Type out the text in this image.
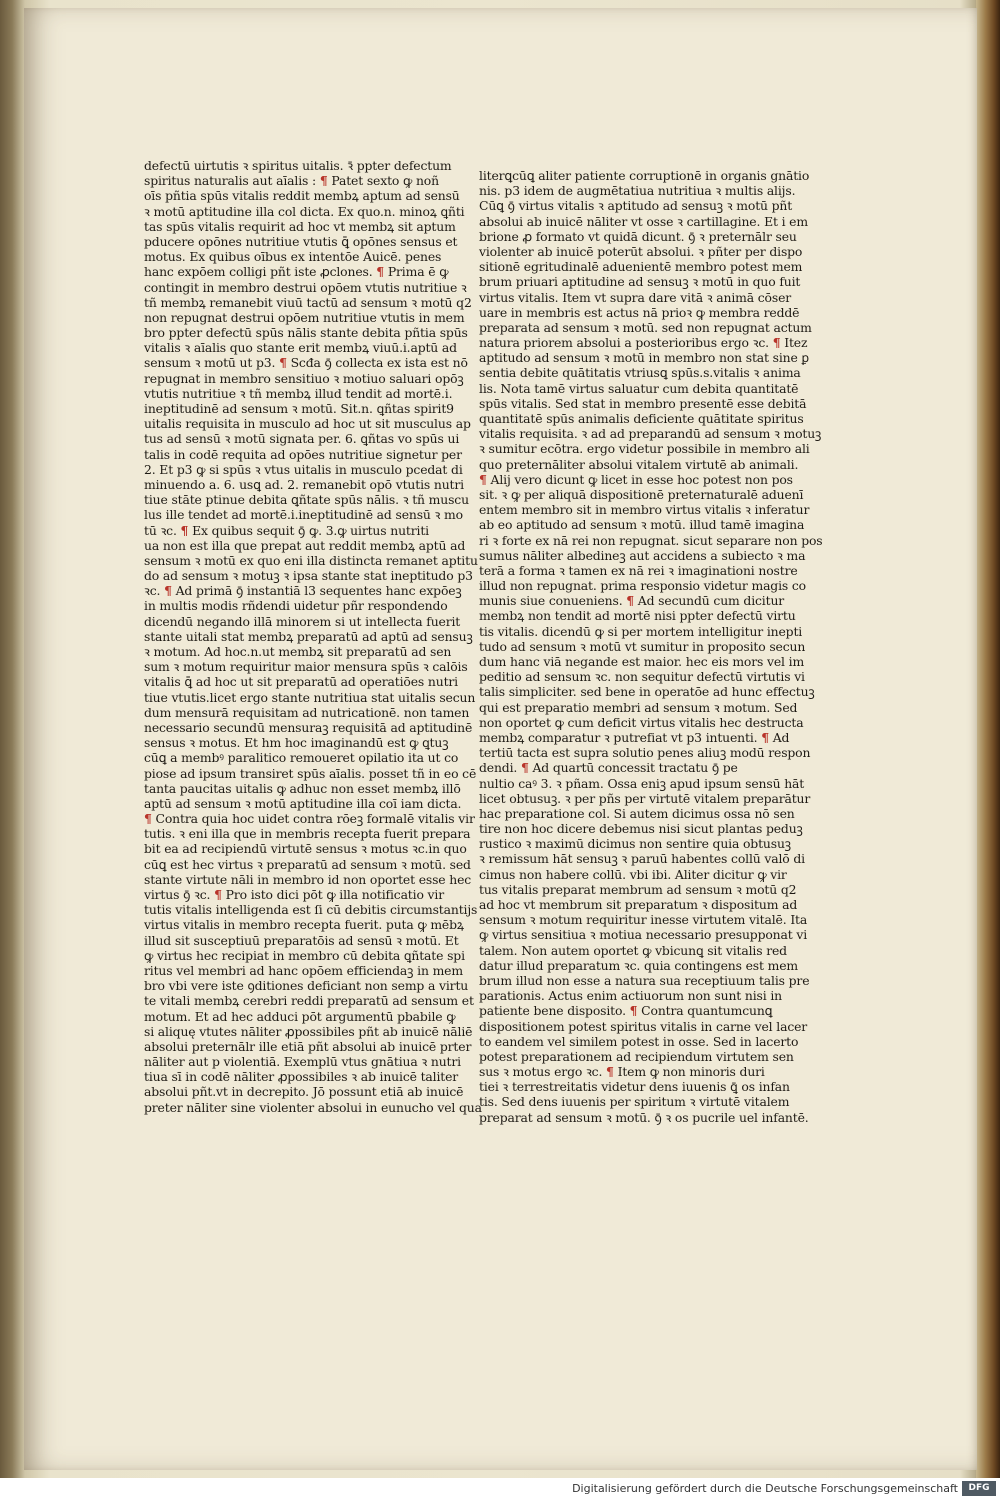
defectū uirtutis ꝛ spiritus uitalis. ꝛ̄ ppter defectum
spiritus naturalis aut aīalis : ¶ Patet sexto ꝙ noñ
oīs pñtia spūs vitalis reddit membꝝ aptum ad sensū
ꝛ motū aptitudine illa col dicta. Ex quo.n. minoꝝ ꝗñti
tas spūs vitalis requirit ad hoc vt membꝝ sit aptum
pducere opōnes nutritiue vtutis ꝗ̄ opōnes sensus et
motus. Ex quibus oībus ex intentōe Auicē. penes
hanc expōem colligi pñt iste ꝓclones. ¶ Prima ē ꝙ
contingit in membro destrui opōem vtutis nutritiue ꝛ
tñ membꝝ remanebit viuū tactū ad sensum ꝛ motū q2
non repugnat destrui opōem nutritiue vtutis in mem
bro ppter defectū spūs nālis stante debita pñtia spūs
vitalis ꝛ aīalis quo stante erit membꝝ viuū.i.aptū ad
sensum ꝛ motū ut p3. ¶ Scđa ꝯ̄ collecta ex ista est nō
repugnat in membro sensitiuo ꝛ motiuo saluari opōꝫ
vtutis nutritiue ꝛ tñ membꝝ illud tendit ad mortē.i.
ineptitudinē ad sensum ꝛ motū. Sit.n. ꝗñtas spirit9
uitalis requisita in musculo ad hoc ut sit musculus ap
tus ad sensū ꝛ motū signata per. 6. ꝗñtas vo spūs ui
talis in codē requita ad opōes nutritiue signetur per
2. Et p3 ꝙ si spūs ꝛ vtus uitalis in musculo pcedat di
minuendo a. 6. usꝗ ad. 2. remanebit opō vtutis nutri
tiue stāte ptinue debita ꝗñtate spūs nālis. ꝛ tñ muscu
lus ille tendet ad mortē.i.ineptitudinē ad sensū ꝛ mo
tū ꝛc. ¶ Ex quibus sequit ꝯ̄ ꝙ. 3.ꝙ uirtus nutriti
ua non est illa que prepat aut reddit membꝝ aptū ad
sensum ꝛ motū ex quo eni illa distincta remanet aptitu
do ad sensum ꝛ motuꝫ ꝛ ipsa stante stat ineptitudo p3
ꝛc. ¶ Ad primā ꝯ̄ instantiā l3 sequentes hanc expōeꝫ
in multis modis rñdendi uidetur pñr respondendo
dicendū negando illā minorem si ut intellecta fuerit
stante uitali stat membꝝ preparatū ad aptū ad sensuꝫ
ꝛ motum. Ad hoc.n.ut membꝝ sit preparatū ad sen
sum ꝛ motum requiritur maior mensura spūs ꝛ calōis
vitalis ꝗ̄ ad hoc ut sit preparatū ad operatiōes nutri
tiue vtutis.licet ergo stante nutritiua stat uitalis secun
dum mensurā requisitam ad nutricationē. non tamen
necessario secundū mensuraꝫ requisitā ad aptitudinē
sensus ꝛ motus. Et hm hoc imaginandū est ꝙ ꝗtuꝫ
cūꝗ a membꝰ paralitico remoueret opilatio ita ut co
piose ad ipsum transiret spūs aīalis. posset tñ in eo cē
tanta paucitas uitalis ꝙ adhuc non esset membꝝ illō
aptū ad sensum ꝛ motū aptitudine illa coī iam dicta.
¶ Contra quia hoc uidet contra rōeꝫ formalē vitalis vir
tutis. ꝛ eni illa que in membris recepta fuerit prepara
bit ea ad recipiendū virtutē sensus ꝛ motus ꝛc.in quo
cūꝗ est hec virtus ꝛ preparatū ad sensum ꝛ motū. sed
stante virtute nāli in membro id non oportet esse hec
virtus ꝯ̄ ꝛc. ¶ Pro isto dici pōt ꝙ illa notificatio vir
tutis vitalis intelligenda est ſi cū debitis circumstantijs
virtus vitalis in membro recepta fuerit. puta ꝙ mēbꝝ
illud sit susceptiuū preparatōis ad sensū ꝛ motū. Et
ꝙ virtus hec recipiat in membro cū debita ꝗñtate spi
ritus vel membri ad hanc opōem efficiendaꝫ in mem
bro vbi vere iste ꝯditiones deficiant non semp a virtu
te vitali membꝝ cerebri reddi preparatū ad sensum et
motum. Et ad hec adduci pōt argumentū pbabile ꝙ
si aliquę vtutes nāliter ꝓpossibiles pñt ab inuicē nāliē
absolui preternālr ille etiā pñt absolui ab inuicē prter
nāliter aut p violentiā. Exemplū vtus gnātiua ꝛ nutri
tiua sī in codē nāliter ꝓpossibiles ꝛ ab inuicē taliter
absolui pñt.vt in decrepito. Jō possunt etiā ab inuicē
preter nāliter sine violenter absolui in eunucho vel qua
literꝗcūꝗ aliter patiente corruptionē in organis gnātio
nis. p3 idem de augmētatiua nutritiua ꝛ multis alijs.
Cūꝗ ꝯ̄ virtus vitalis ꝛ aptitudo ad sensuꝫ ꝛ motū pñt
absolui ab inuicē nāliter vt osse ꝛ cartillagine. Et i em
brione ꝓ formato vt quidā dicunt. ꝯ̄ ꝛ preternālr seu
violenter ab inuicē poterūt absolui. ꝛ pñter per dispo
sitionē egritudinalē aduenientē membro potest mem
brum priuari aptitudine ad sensuꝫ ꝛ motū in quo fuit
virtus vitalis. Item vt supra dare vitā ꝛ animā cōser
uare in membris est actus nā prioꝛ ꝙ membra reddē
preparata ad sensum ꝛ motū. sed non repugnat actum
natura priorem absolui a posterioribus ergo ꝛc. ¶ Itez
aptitudo ad sensum ꝛ motū in membro non stat sine ꝑ
sentia debite quātitatis vtriusꝗ spūs.s.vitalis ꝛ anima
lis. Nota tamē virtus saluatur cum debita quantitatē
spūs vitalis. Sed stat in membro presentē esse debitā
quantitatē spūs animalis deficiente quātitate spiritus
vitalis requisita. ꝛ ad ad preparandū ad sensum ꝛ motuꝫ
ꝛ sumitur ecōtra. ergo videtur possibile in membro ali
quo preternāliter absolui vitalem virtutē ab animali.
¶ Alij vero dicunt ꝙ licet in esse hoc potest non pos
sit. ꝛ ꝙ per aliquā dispositionē preternaturalē aduenī
entem membro sit in membro virtus vitalis ꝛ inferatur
ab eo aptitudo ad sensum ꝛ motū. illud tamē imagina
ri ꝛ forte ex nā rei non repugnat. sicut separare non pos
sumus nāliter albedineꝫ aut accidens a subiecto ꝛ ma
terā a forma ꝛ tamen ex nā rei ꝛ imaginationi nostre
illud non repugnat. prima responsio videtur magis co
munis siue conueniens. ¶ Ad secundū cum dicitur
membꝝ non tendit ad mortē nisi ppter defectū virtu
tis vitalis. dicendū ꝙ si per mortem intelligitur inepti
tudo ad sensum ꝛ motū vt sumitur in proposito secun
dum hanc viā negande est maior. hec eis mors vel im
peditio ad sensum ꝛc. non sequitur defectū virtutis vi
talis simpliciter. sed bene in operatōe ad hunc effectuꝫ
qui est preparatio membri ad sensum ꝛ motum. Sed
non oportet ꝙ cum deficit virtus vitalis hec destructa
membꝝ comparatur ꝛ putrefiat vt p3 intuenti. ¶ Ad
tertiū tacta est supra solutio penes aliuꝫ modū respon
dendi. ¶ Ad quartū concessit tractatu ꝯ̄ pe
nultio caꝰ 3. ꝛ pñam. Ossa eniꝫ apud ipsum sensū hāt
licet obtusuꝫ. ꝛ per pñs per virtutē vitalem preparātur
hac preparatione col. Si autem dicimus ossa nō sen
tire non hoc dicere debemus nisi sicut plantas peduꝫ
rustico ꝛ maximū dicimus non sentire quia obtusuꝫ
ꝛ remissum hāt sensuꝫ ꝛ paruū habentes collū valō di
cimus non habere collū. vbi ibi. Aliter dicitur ꝙ vir
tus vitalis preparat membrum ad sensum ꝛ motū q2
ad hoc vt membrum sit preparatum ꝛ dispositum ad
sensum ꝛ motum requiritur inesse virtutem vitalē. Ita
ꝙ virtus sensitiua ꝛ motiua necessario presupponat vi
talem. Non autem oportet ꝙ vbicunꝗ sit vitalis red
datur illud preparatum ꝛc. quia contingens est mem
brum illud non esse a natura sua receptiuum talis pre
parationis. Actus enim actiuorum non sunt nisi in
patiente bene disposito. ¶ Contra quantumcunꝗ
dispositionem potest spiritus vitalis in carne vel lacer
to eandem vel similem potest in osse. Sed in lacerto
potest preparationem ad recipiendum virtutem sen
sus ꝛ motus ergo ꝛc. ¶ Item ꝙ non minoris duri
tiei ꝛ terrestreitatis videtur dens iuuenis ꝗ̄ os infan
tis. Sed dens iuuenis per spiritum ꝛ virtutē vitalem
preparat ad sensum ꝛ motū. ꝯ̄ ꝛ os pucrile uel infantē.
Digitalisierung gefördert durch die Deutsche Forschungsgemeinschaft	DFG
